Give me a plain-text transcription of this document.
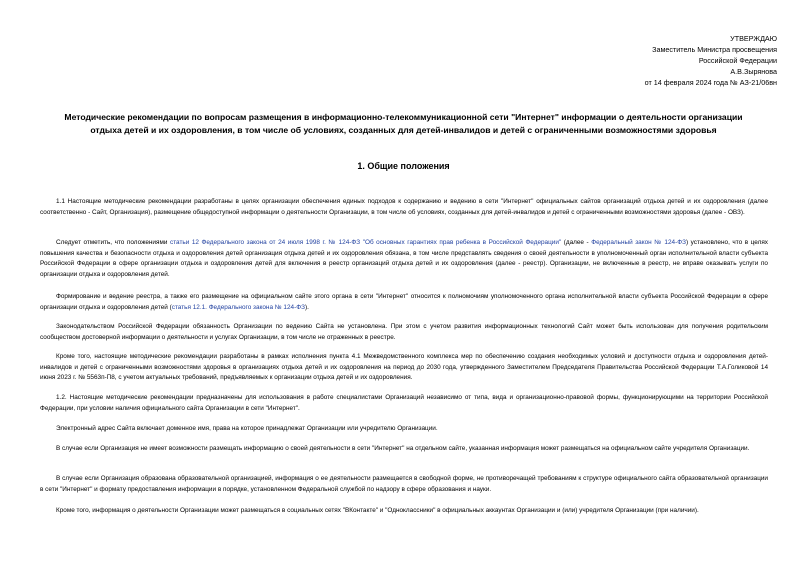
УТВЕРЖДАЮ
Заместитель Министра просвещения
Российской Федерации
А.В.Зырянова
от 14 февраля 2024 года № АЗ-21/06вн
Методические рекомендации по вопросам размещения в информационно-телекоммуникационной сети "Интернет" информации о деятельности организации
отдыха детей и их оздоровления, в том числе об условиях, созданных для детей-инвалидов и детей с ограниченными возможностями здоровья
1. Общие положения

1.1 Настоящие методические рекомендации разработаны в целях организации обеспечения единых подходов к содержанию и ведению в сети "Интернет" официальных сайтов организаций отдыха детей и их оздоровления (далее соответственно - Сайт, Организация), размещение общедоступной информации о деятельности Организации, в том числе об условиях, созданных для детей-инвалидов и детей с ограниченными возможностями здоровья (далее - ОВЗ).

Следует отметить, что положениями статьи 12 Федерального закона от 24 июля 1998 г. № 124-ФЗ "Об основных гарантиях прав ребенка в Российской Федерации" (далее - Федеральный закон № 124-ФЗ) установлено, что в целях повышения качества и безопасности отдыха и оздоровления детей организация отдыха детей и их оздоровления обязана, в том числе представлять сведения о своей деятельности в уполномоченный орган исполнительной власти субъекта Российской Федерации в сфере организации отдыха и оздоровления детей для включения в реестр организаций отдыха детей и их оздоровления (далее - реестр). Организации, не включенные в реестр, не вправе оказывать услуги по организации отдыха и оздоровления детей.

Формирование и ведение реестра, а также его размещение на официальном сайте этого органа в сети "Интернет" относится к полномочиям уполномоченного органа исполнительной власти субъекта Российской Федерации в сфере организации отдыха и оздоровления детей (статья 12.1. Федерального закона № 124-ФЗ).

Законодательством Российской Федерации обязанность Организации по ведению Сайта не установлена. При этом с учетом развития информационных технологий Сайт может быть использован для получения родительским сообществом достоверной информации о деятельности и услугах Организации, в том числе не отраженных в реестре.

Кроме того, настоящие методические рекомендации разработаны в рамках исполнения пункта 4.1 Межведомственного комплекса мер по обеспечению создания необходимых условий и доступности отдыха и оздоровления детей-инвалидов и детей с ограниченными возможностями здоровья в организациях отдыха детей и их оздоровления на период до 2030 года, утвержденного Заместителем Председателя Правительства Российской Федерации Т.А.Голиковой 14 июня 2023 г. № 5563п-П8, с учетом актуальных требований, предъявляемых к организации отдыха детей и их оздоровления.

1.2. Настоящие методические рекомендации предназначены для использования в работе специалистами Организаций независимо от типа, вида и организационно-правовой формы, функционирующими на территории Российской Федерации, при условии наличия официального сайта Организации в сети "Интернет".

Электронный адрес Сайта включает доменное имя, права на которое принадлежат Организации или учредителю Организации.

В случае если Организация не имеет возможности размещать информацию о своей деятельности в сети "Интернет" на отдельном сайте, указанная информация может размещаться на официальном сайте учредителя Организации.

В случае если Организация образована образовательной организацией, информация о ее деятельности размещается в свободной форме, не противоречащей требованиям к структуре официального сайта образовательной организации в сети "Интернет" и формату предоставления информации в порядке, установленном Федеральной службой по надзору в сфере образования и науки.

Кроме того, информация о деятельности Организации может размещаться в социальных сетях "ВКонтакте" и "Одноклассники" в официальных аккаунтах Организации и (или) учредителя Организации (при наличии).
